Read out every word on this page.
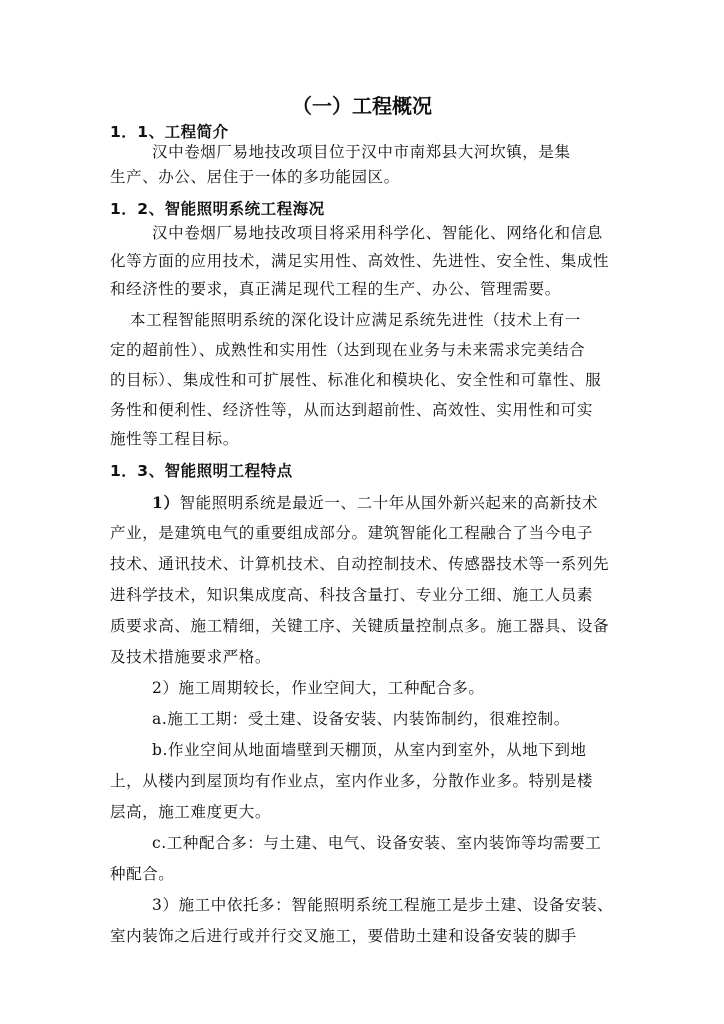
（一）工程概况
1．1、工程简介
汉中卷烟厂易地技改项目位于汉中市南郑县大河坎镇，是集
生产、办公、居住于一体的多功能园区。
1．2、智能照明系统工程海况
汉中卷烟厂易地技改项目将采用科学化、智能化、网络化和信息
化等方面的应用技术，满足实用性、高效性、先进性、安全性、集成性
和经济性的要求，真正满足现代工程的生产、办公、管理需要。
本工程智能照明系统的深化设计应满足系统先进性（技术上有一
定的超前性）、成熟性和实用性（达到现在业务与未来需求完美结合
的目标）、集成性和可扩展性、标准化和模块化、安全性和可靠性、服
务性和便利性、经济性等，从而达到超前性、高效性、实用性和可实
施性等工程目标。
1．3、智能照明工程特点
1）智能照明系统是最近一、二十年从国外新兴起来的高新技术
产业，是建筑电气的重要组成部分。建筑智能化工程融合了当今电子
技术、通讯技术、计算机技术、自动控制技术、传感器技术等一系列先
进科学技术，知识集成度高、科技含量打、专业分工细、施工人员素
质要求高、施工精细，关键工序、关键质量控制点多。施工器具、设备
及技术措施要求严格。
2）施工周期较长，作业空间大，工种配合多。
a.施工工期：受土建、设备安装、内装饰制约，很难控制。
b.作业空间从地面墙壁到天棚顶，从室内到室外，从地下到地
上，从楼内到屋顶均有作业点，室内作业多，分散作业多。特别是楼
层高，施工难度更大。
c.工种配合多：与土建、电气、设备安装、室内装饰等均需要工
种配合。
3）施工中依托多：智能照明系统工程施工是步土建、设备安装、
室内装饰之后进行或并行交叉施工，要借助土建和设备安装的脚手
